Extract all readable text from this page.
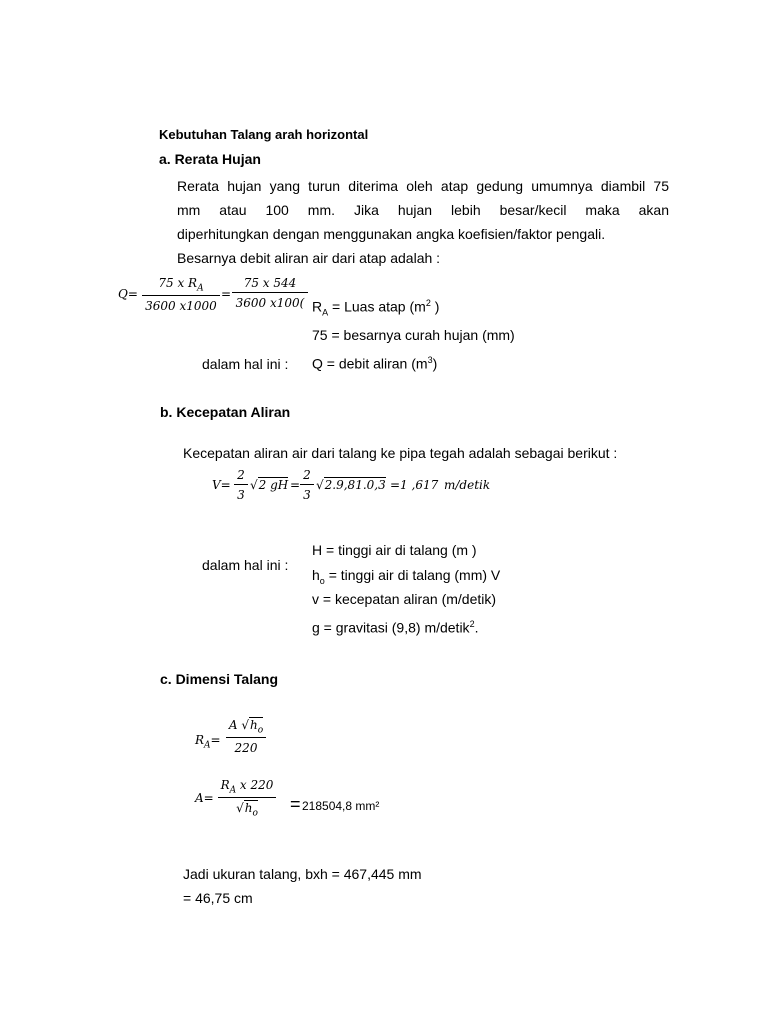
Kebutuhan Talang arah horizontal
a. Rerata Hujan
Rerata hujan yang turun diterima oleh atap gedung umumnya diambil 75
mm atau 100 mm. Jika hujan lebih besar/kecil maka akan
diperhitungkan dengan menggunakan angka koefisien/faktor pengali.
Besarnya debit aliran air dari atap adalah :
$Q= \frac{75 x R_A}{3600 x1000} = \frac{75 x 544}{3600 x100(} R_A$ = Luas atap ($m^2$ )
75 = besarnya curah hujan (mm)
dalam hal ini : Q = debit aliran $(m^3)$
b. Kecepatan Aliran
Kecepatan aliran air dari talang ke pipa tegah adalah sebagai berikut :
$V= \frac{2}{3} √2$ gH = $\frac{2}{3} √2.9,81.0,3 =1$ ,617 m/detik
H = tinggi air di talang (m )
dalam hal ini :
$h_o$ = tinggi air di talang (mm) V
v = kecepatan aliran (m/detik)
g = gravitasi (9,8) m/detik$^2$.
c. Dimensi Talang
$R_A= \frac{A √h_o}{220}$
$A= \frac{R_A x 220}{√h_o} = 218504,8$ mm²
Jadi ukuran talang, bxh = 467,445 mm
= 46,75 cm
